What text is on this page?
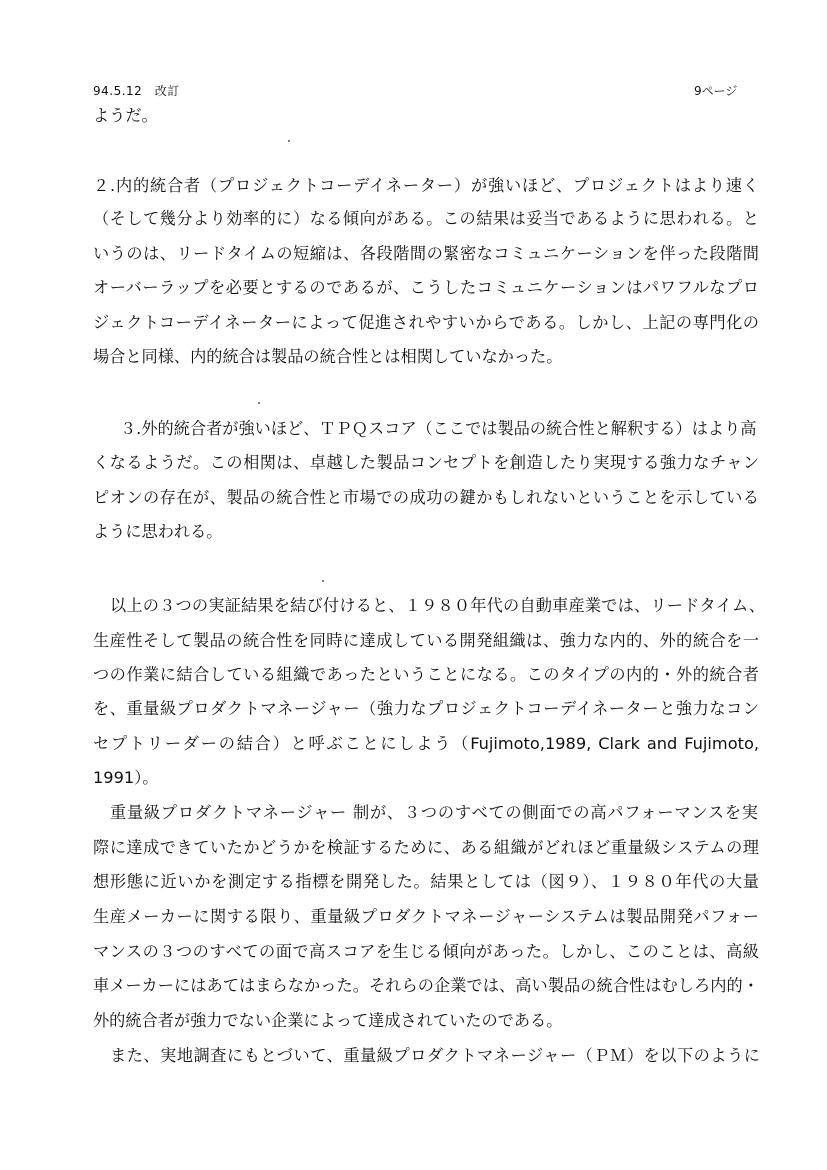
94.5.12　改訂	9ページ
ようだ。
２.内的統合者（プロジェクトコーデイネーター）が強いほど、プロジェクトはより速く
（そして幾分より効率的に）なる傾向がある。この結果は妥当であるように思われる。と
いうのは、リードタイムの短縮は、各段階間の緊密なコミュニケーションを伴った段階間
オーバーラップを必要とするのであるが、こうしたコミュニケーションはパワフルなプロ
ジェクトコーデイネーターによって促進されやすいからである。しかし、上記の専門化の
場合と同様、内的統合は製品の統合性とは相関していなかった。
３.外的統合者が強いほど、ＴＰＱスコア（ここでは製品の統合性と解釈する）はより高
くなるようだ。この相関は、卓越した製品コンセプトを創造したり実現する強力なチャン
ピオンの存在が、製品の統合性と市場での成功の鍵かもしれないということを示している
ように思われる。
以上の３つの実証結果を結び付けると、１９８０年代の自動車産業では、リードタイム、
生産性そして製品の統合性を同時に達成している開発組織は、強力な内的、外的統合を一
つの作業に結合している組織であったということになる。このタイプの内的・外的統合者
を、重量級プロダクトマネージャー（強力なプロジェクトコーデイネーターと強力なコン
セプトリーダーの結合）と呼ぶことにしよう（Fujimoto,1989, Clark and Fujimoto,
1991）。
重量級プロダクトマネージャー 制が、３つのすべての側面での高パフォーマンスを実
際に達成できていたかどうかを検証するために、ある組織がどれほど重量級システムの理
想形態に近いかを測定する指標を開発した。結果としては（図９）、１９８０年代の大量
生産メーカーに関する限り、重量級プロダクトマネージャーシステムは製品開発パフォー
マンスの３つのすべての面で高スコアを生じる傾向があった。しかし、このことは、高級
車メーカーにはあてはまらなかった。それらの企業では、高い製品の統合性はむしろ内的・
外的統合者が強力でない企業によって達成されていたのである。
また、実地調査にもとづいて、重量級プロダクトマネージャー（ＰＭ）を以下のように
